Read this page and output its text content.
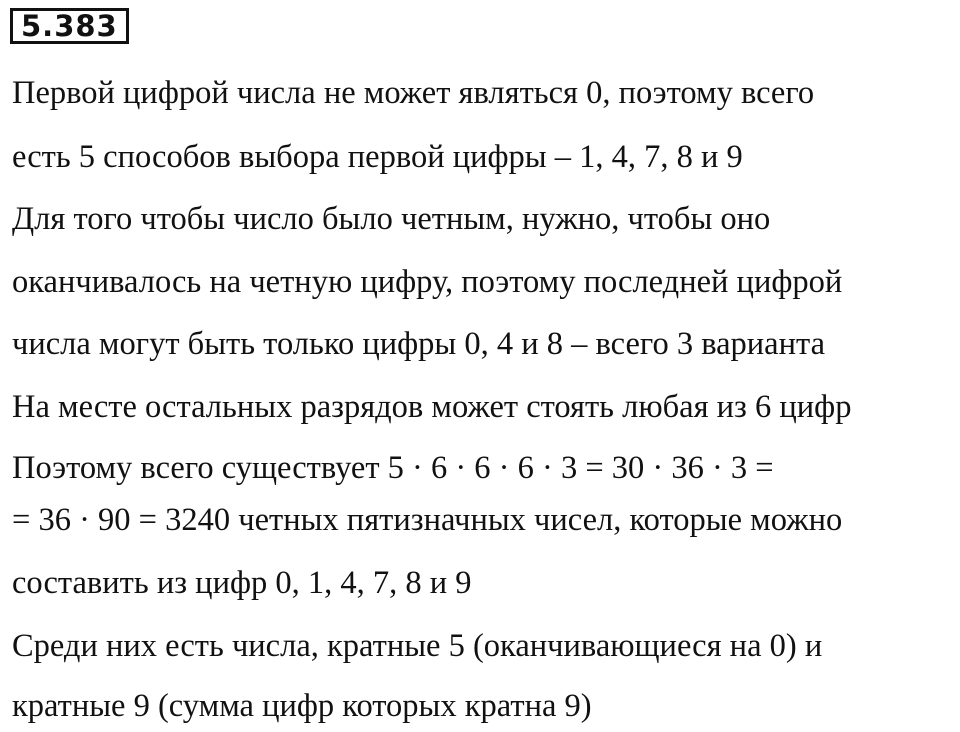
5.383
Первой цифрой числа не может являться 0, поэтому всего
есть 5 способов выбора первой цифры – 1, 4, 7, 8 и 9
Для того чтобы число было четным, нужно, чтобы оно
оканчивалось на четную цифру, поэтому последней цифрой
числа могут быть только цифры 0, 4 и 8 – всего 3 варианта
На месте остальных разрядов может стоять любая из 6 цифр
Поэтому всего существует 5 · 6 · 6 · 6 · 3 = 30 · 36 · 3 =
= 36 · 90 = 3240 четных пятизначных чисел, которые можно
составить из цифр 0, 1, 4, 7, 8 и 9
Среди них есть числа, кратные 5 (оканчивающиеся на 0) и
кратные 9 (сумма цифр которых кратна 9)
